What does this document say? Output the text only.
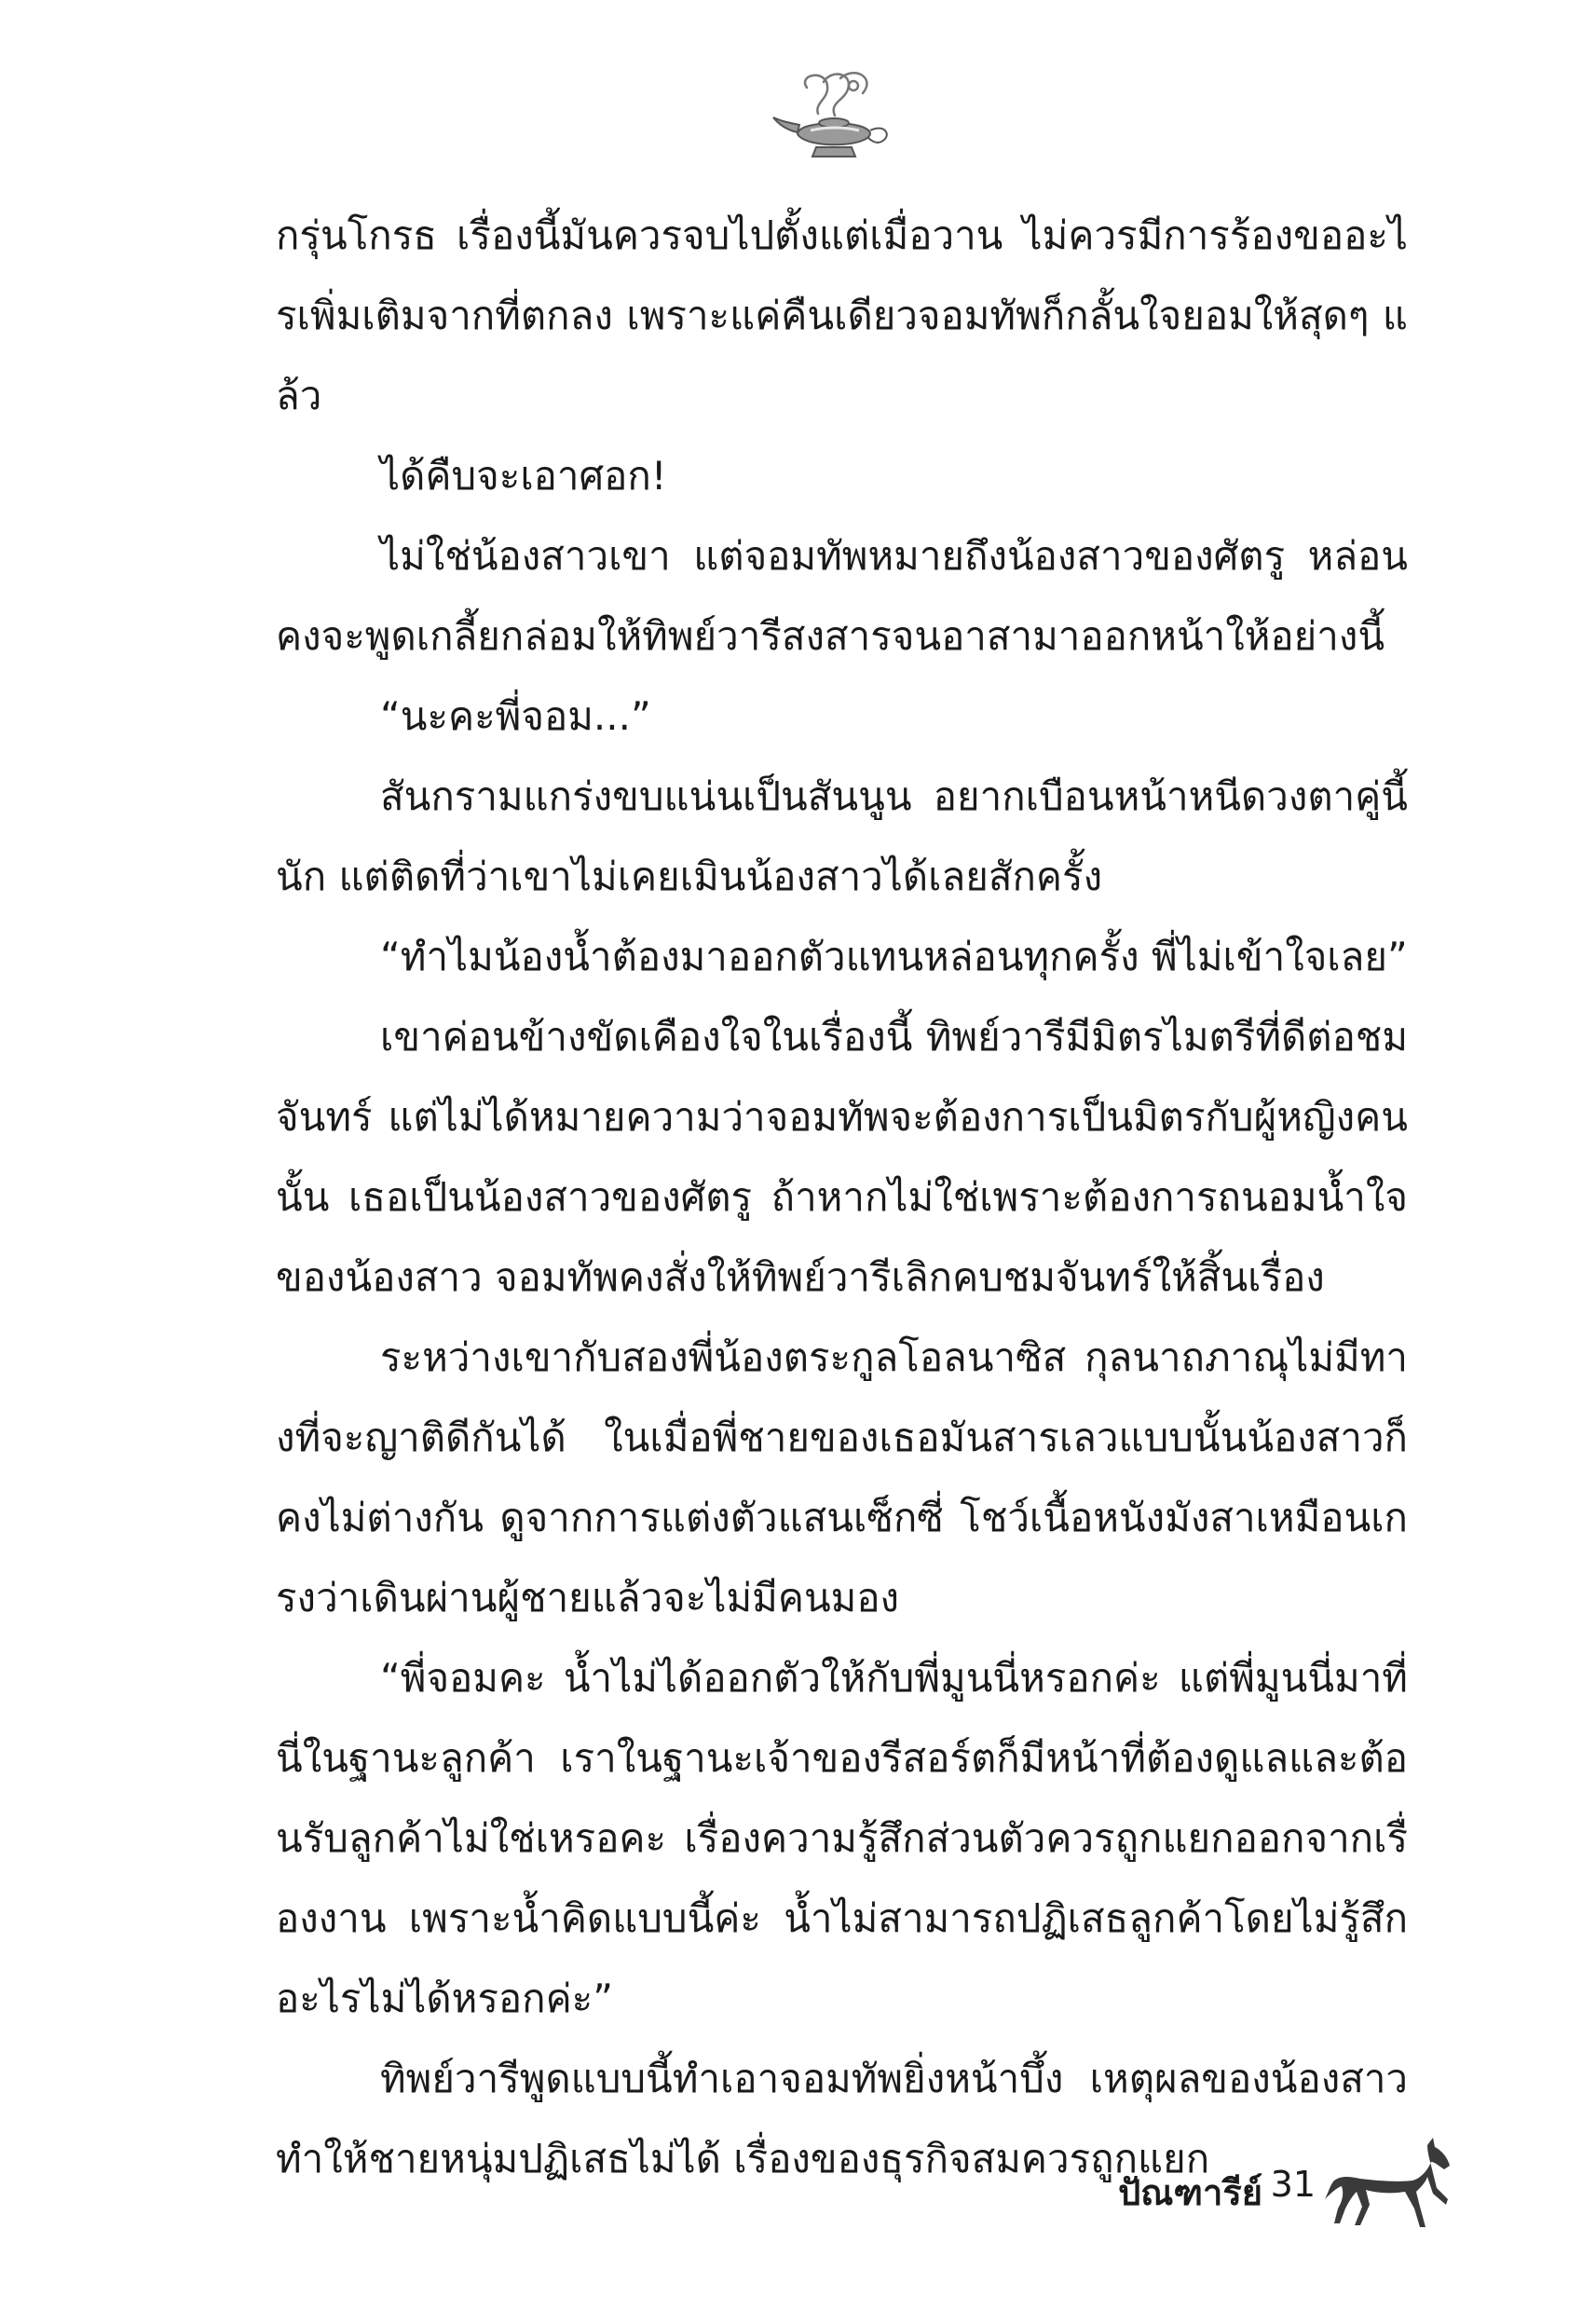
กรุ่นโกรธ เรื่องนี้มันควรจบไปตั้งแต่เมื่อวาน ไม่ควรมีการร้องขออะไรเพิ่มเติมจากที่ตกลง เพราะแค่คืนเดียวจอมทัพก็กลั้นใจยอมให้สุดๆ แล้ว

ได้คืบจะเอาศอก!

ไม่ใช่น้องสาวเขา แต่จอมทัพหมายถึงน้องสาวของศัตรู หล่อนคงจะพูดเกลี้ยกล่อมให้ทิพย์วารีสงสารจนอาสามาออกหน้าให้อย่างนี้

“นะคะพี่จอม...”

สันกรามแกร่งขบแน่นเป็นสันนูน อยากเบือนหน้าหนีดวงตาคู่นี้นัก แต่ติดที่ว่าเขาไม่เคยเมินน้องสาวได้เลยสักครั้ง

“ทำไมน้องน้ำต้องมาออกตัวแทนหล่อนทุกครั้ง พี่ไม่เข้าใจเลย”

เขาค่อนข้างขัดเคืองใจในเรื่องนี้ ทิพย์วารีมีมิตรไมตรีที่ดีต่อชมจันทร์ แต่ไม่ได้หมายความว่าจอมทัพจะต้องการเป็นมิตรกับผู้หญิงคนนั้น เธอเป็นน้องสาวของศัตรู ถ้าหากไม่ใช่เพราะต้องการถนอมน้ำใจของน้องสาว จอมทัพคงสั่งให้ทิพย์วารีเลิกคบชมจันทร์ให้สิ้นเรื่อง

ระหว่างเขากับสองพี่น้องตระกูลโอลนาซิส กุลนาถภาณุไม่มีทางที่จะญาติดีกันได้ ในเมื่อพี่ชายของเธอมันสารเลวแบบนั้นน้องสาวก็คงไม่ต่างกัน ดูจากการแต่งตัวแสนเซ็กซี่ โชว์เนื้อหนังมังสาเหมือนเกรงว่าเดินผ่านผู้ชายแล้วจะไม่มีคนมอง

“พี่จอมคะ น้ำไม่ได้ออกตัวให้กับพี่มูนนี่หรอกค่ะ แต่พี่มูนนี่มาที่นี่ในฐานะลูกค้า เราในฐานะเจ้าของรีสอร์ตก็มีหน้าที่ต้องดูแลและต้อนรับลูกค้าไม่ใช่เหรอคะ เรื่องความรู้สึกส่วนตัวควรถูกแยกออกจากเรื่องงาน เพราะน้ำคิดแบบนี้ค่ะ น้ำไม่สามารถปฏิเสธลูกค้าโดยไม่รู้สึกอะไรไม่ได้หรอกค่ะ”

ทิพย์วารีพูดแบบนี้ทำเอาจอมทัพยิ่งหน้าบึ้ง เหตุผลของน้องสาวทำให้ชายหนุ่มปฏิเสธไม่ได้ เรื่องของธุรกิจสมควรถูกแยก

ปัณฑารีย์ 31
